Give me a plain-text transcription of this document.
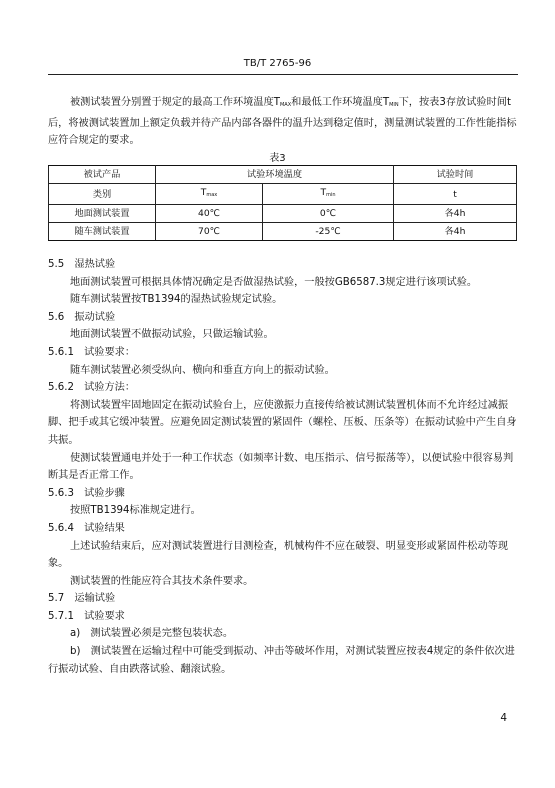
TB/T 2765-96
被测试装置分别置于规定的最高工作环境温度$T_{MAX}$和最低工作环境温度$T_{MIN}$下，按表3存放试验时间t后，将被测试装置加上额定负载并待产品内部各器件的温升达到稳定值时，测量测试装置的工作性能指标应符合规定的要求。
表3
被试产品	试验环境温度		试验时间
类别	$T_{max}$	$T_{min}$	t
地面测试装置	40℃	0℃	各4h
随车测试装置	70℃	-25℃	各4h
5.5　湿热试验
地面测试装置可根据具体情况确定是否做湿热试验，一般按GB6587.3规定进行该项试验。
随车测试装置按TB1394的湿热试验规定试验。
5.6　振动试验
地面测试装置不做振动试验，只做运输试验。
5.6.1　试验要求：
随车测试装置必须受纵向、横向和垂直方向上的振动试验。
5.6.2　试验方法：
将测试装置牢固地固定在振动试验台上，应使激振力直接传给被试测试装置机体而不允许经过减振脚、把手或其它缓冲装置。应避免固定测试装置的紧固件（螺栓、压板、压条等）在振动试验中产生自身共振。
使测试装置通电并处于一种工作状态（如频率计数、电压指示、信号振荡等），以便试验中很容易判断其是否正常工作。
5.6.3　试验步骤
按照TB1394标准规定进行。
5.6.4　试验结果
上述试验结束后，应对测试装置进行目测检查，机械构件不应在破裂、明显变形或紧固件松动等现象。
测试装置的性能应符合其技术条件要求。
5.7　运输试验
5.7.1　试验要求
a)　测试装置必须是完整包装状态。
b)　测试装置在运输过程中可能受到振动、冲击等破坏作用，对测试装置应按表4规定的条件依次进行振动试验、自由跌落试验、翻滚试验。
4
